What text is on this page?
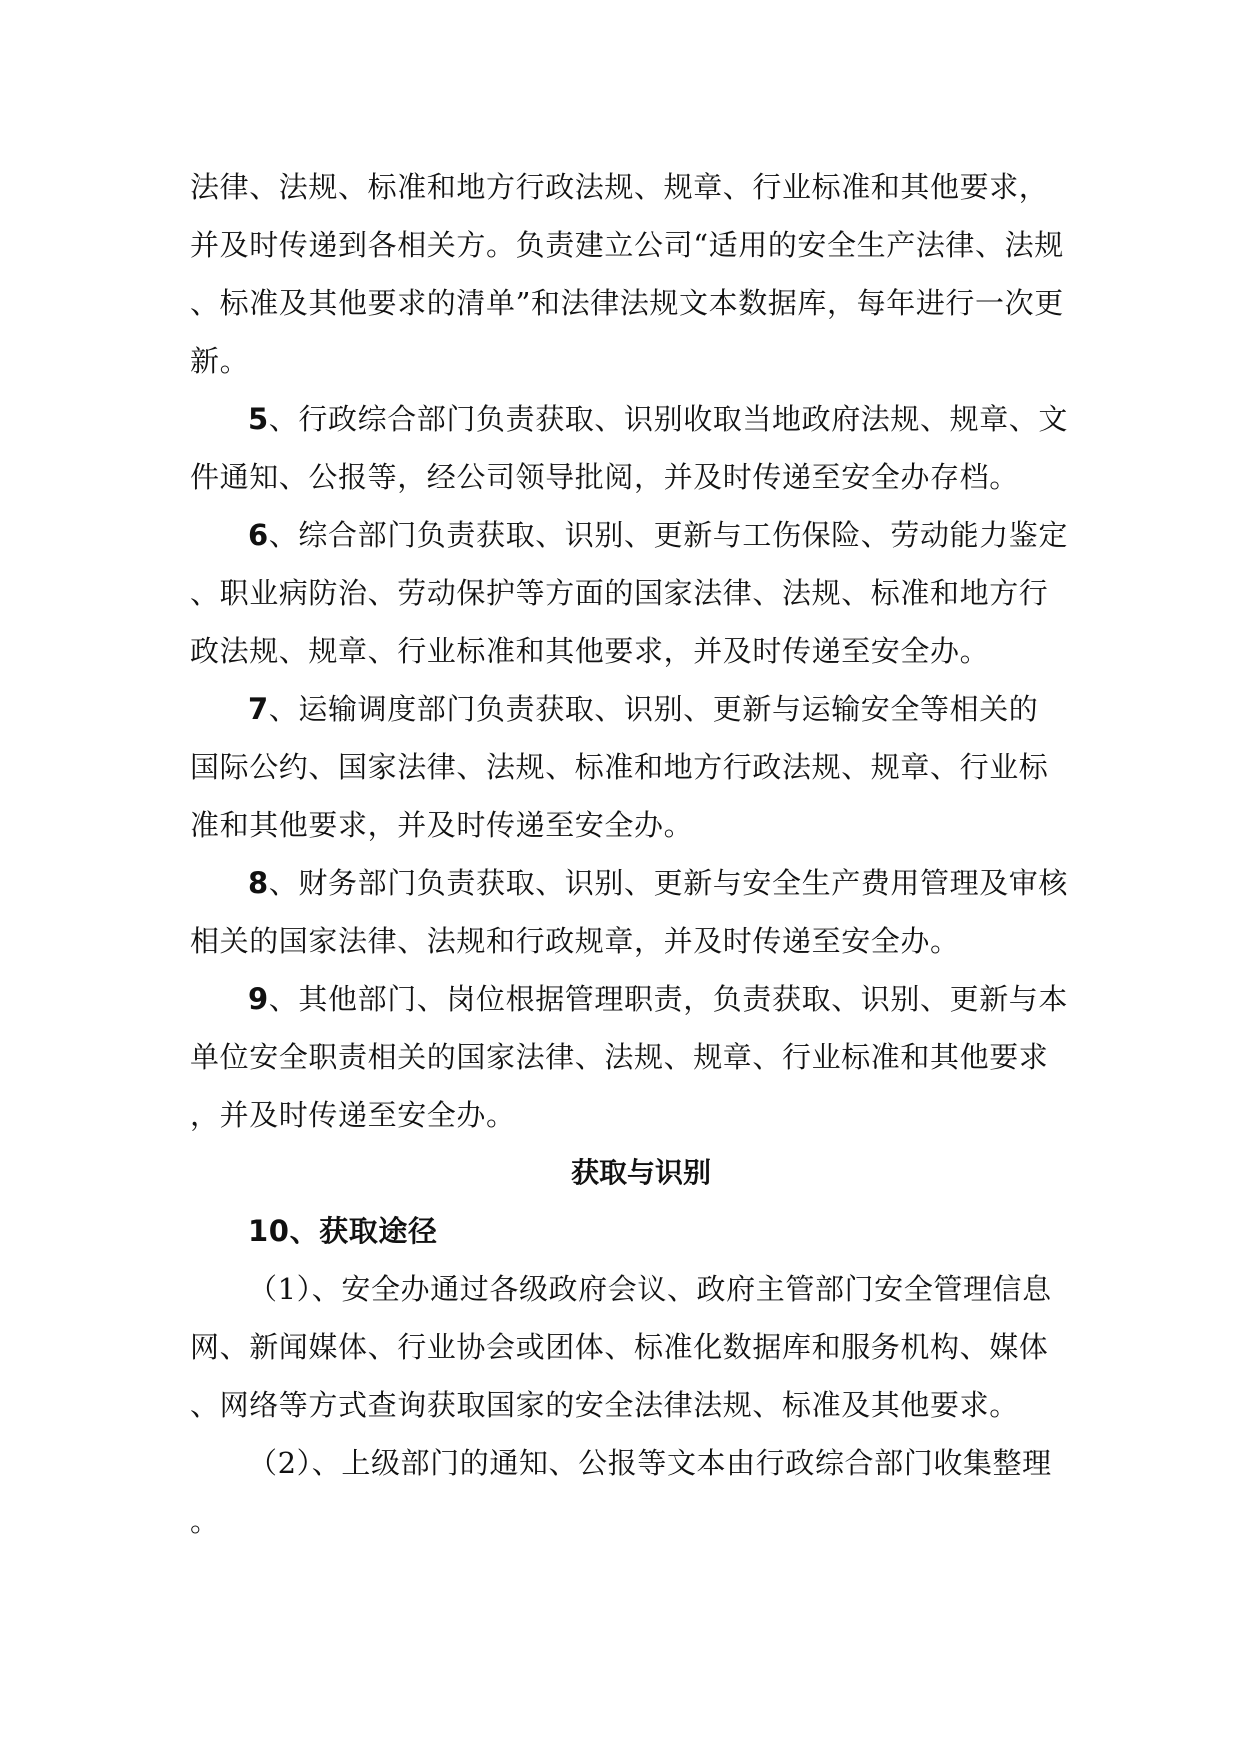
法律、法规、标准和地方行政法规、规章、行业标准和其他要求，
并及时传递到各相关方。负责建立公司“适用的安全生产法律、法规
、标准及其他要求的清单”和法律法规文本数据库，每年进行一次更
新。
5、行政综合部门负责获取、识别收取当地政府法规、规章、文
件通知、公报等，经公司领导批阅，并及时传递至安全办存档。
6、综合部门负责获取、识别、更新与工伤保险、劳动能力鉴定
、职业病防治、劳动保护等方面的国家法律、法规、标准和地方行
政法规、规章、行业标准和其他要求，并及时传递至安全办。
7、运输调度部门负责获取、识别、更新与运输安全等相关的
国际公约、国家法律、法规、标准和地方行政法规、规章、行业标
准和其他要求，并及时传递至安全办。
8、财务部门负责获取、识别、更新与安全生产费用管理及审核
相关的国家法律、法规和行政规章，并及时传递至安全办。
9、其他部门、岗位根据管理职责，负责获取、识别、更新与本
单位安全职责相关的国家法律、法规、规章、行业标准和其他要求
，并及时传递至安全办。
获取与识别
10、获取途径
（1）、安全办通过各级政府会议、政府主管部门安全管理信息
网、新闻媒体、行业协会或团体、标准化数据库和服务机构、媒体
、网络等方式查询获取国家的安全法律法规、标准及其他要求。
（2）、上级部门的通知、公报等文本由行政综合部门收集整理
。
